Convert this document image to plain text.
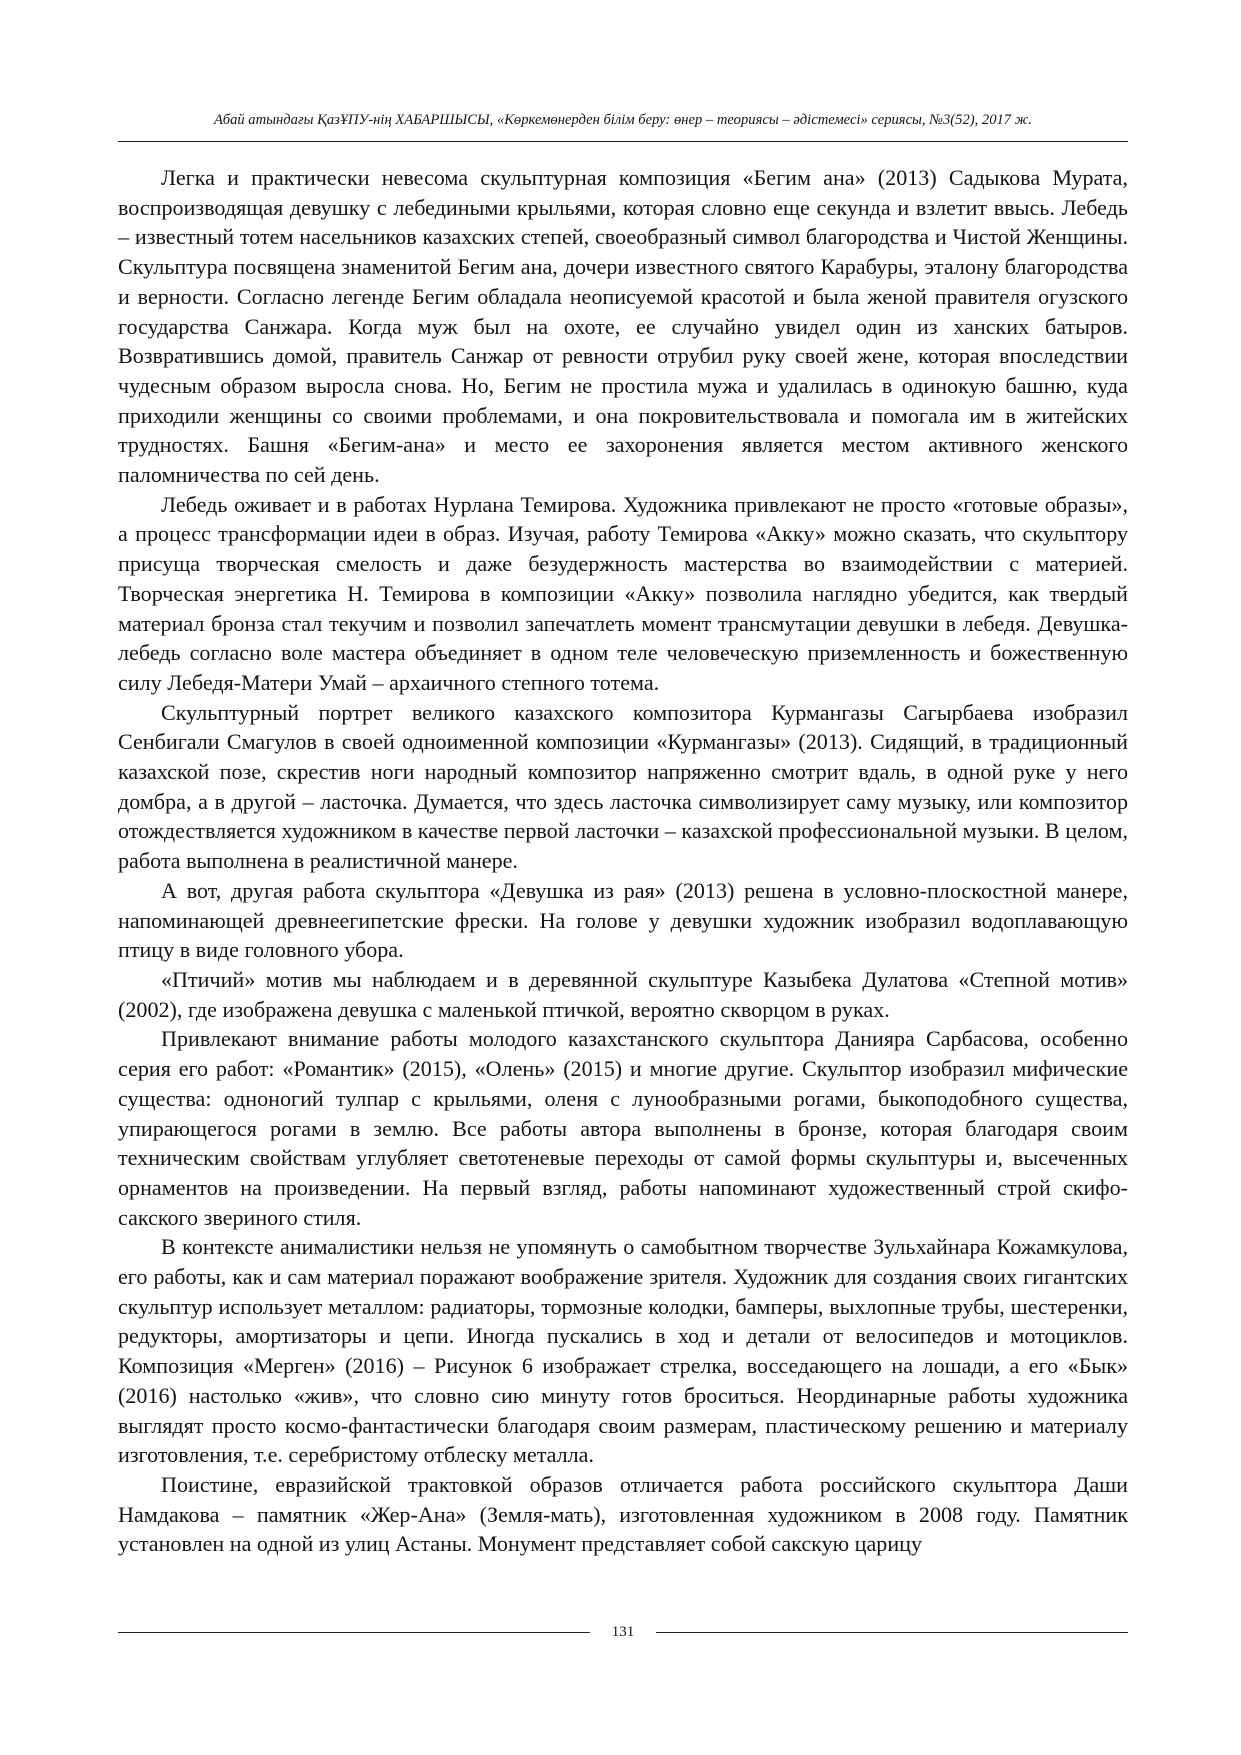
Абай атындағы ҚазҰПУ-нің ХАБАРШЫСЫ, «Көркемөнерден білім беру: өнер – теориясы – әдістемесі» сериясы, №3(52), 2017 ж.

Легка и практически невесома скульптурная композиция «Бегим ана» (2013) Садыкова Мурата, воспроизводящая девушку с лебедиными крыльями, которая словно еще секунда и взлетит ввысь. Лебедь – известный тотем насельников казахских степей, своеобразный символ благородства и Чистой Женщины. Скульптура посвящена знаменитой Бегим ана, дочери известного святого Карабуры, эталону благородства и верности. Согласно легенде Бегим обладала неописуемой красотой и была женой правителя огузского государства Санжара. Когда муж был на охоте, ее случайно увидел один из ханских батыров. Возвратившись домой, правитель Санжар от ревности отрубил руку своей жене, которая впоследствии чудесным образом выросла снова. Но, Бегим не простила мужа и удалилась в одинокую башню, куда приходили женщины со своими проблемами, и она покровительствовала и помогала им в житейских трудностях. Башня «Бегим-ана» и место ее захоронения является местом активного женского паломничества по сей день.

Лебедь оживает и в работах Нурлана Темирова. Художника привлекают не просто «готовые образы», а процесс трансформации идеи в образ. Изучая, работу Темирова «Акку» можно сказать, что скульптору присуща творческая смелость и даже безудержность мастерства во взаимодействии с материей. Творческая энергетика Н. Темирова в композиции «Акку» позволила наглядно убедится, как твердый материал бронза стал текучим и позволил запечатлеть момент трансмутации девушки в лебедя. Девушка-лебедь согласно воле мастера объединяет в одном теле человеческую приземленность и божественную силу Лебедя-Матери Умай – архаичного степного тотема.

Скульптурный портрет великого казахского композитора Курмангазы Сагырбаева изобразил Сенбигали Смагулов в своей одноименной композиции «Курмангазы» (2013). Сидящий, в традиционный казахской позе, скрестив ноги народный композитор напряженно смотрит вдаль, в одной руке у него домбра, а в другой – ласточка. Думается, что здесь ласточка символизирует саму музыку, или композитор отождествляется художником в качестве первой ласточки – казахской профессиональной музыки. В целом, работа выполнена в реалистичной манере.

А вот, другая работа скульптора «Девушка из рая» (2013) решена в условно-плоскостной манере, напоминающей древнеегипетские фрески. На голове у девушки художник изобразил водоплавающую птицу в виде головного убора.

«Птичий» мотив мы наблюдаем и в деревянной скульптуре Казыбека Дулатова «Степной мотив» (2002), где изображена девушка с маленькой птичкой, вероятно скворцом в руках.

Привлекают внимание работы молодого казахстанского скульптора Данияра Сарбасова, особенно серия его работ: «Романтик» (2015), «Олень» (2015) и многие другие. Скульптор изобразил мифические существа: одноногий тулпар с крыльями, оленя с лунообразными рогами, быкоподобного существа, упирающегося рогами в землю. Все работы автора выполнены в бронзе, которая благодаря своим техническим свойствам углубляет светотеневые переходы от самой формы скульптуры и, высеченных орнаментов на произведении. На первый взгляд, работы напоминают художественный строй скифо-сакского звериного стиля.

В контексте анималистики нельзя не упомянуть о самобытном творчестве Зульхайнара Кожамкулова, его работы, как и сам материал поражают воображение зрителя. Художник для создания своих гигантских скульптур использует металлом: радиаторы, тормозные колодки, бамперы, выхлопные трубы, шестеренки, редукторы, амортизаторы и цепи. Иногда пускались в ход и детали от велосипедов и мотоциклов. Композиция «Мерген» (2016) – Рисунок 6 изображает стрелка, восседающего на лошади, а его «Бык» (2016) настолько «жив», что словно сию минуту готов броситься. Неординарные работы художника выглядят просто космо-фантастически благодаря своим размерам, пластическому решению и материалу изготовления, т.е. серебристому отблеску металла.

Поистине, евразийской трактовкой образов отличается работа российского скульптора Даши Намдакова – памятник «Жер-Ана» (Земля-мать), изготовленная художником в 2008 году. Памятник установлен на одной из улиц Астаны. Монумент представляет собой сакскую царицу

131
